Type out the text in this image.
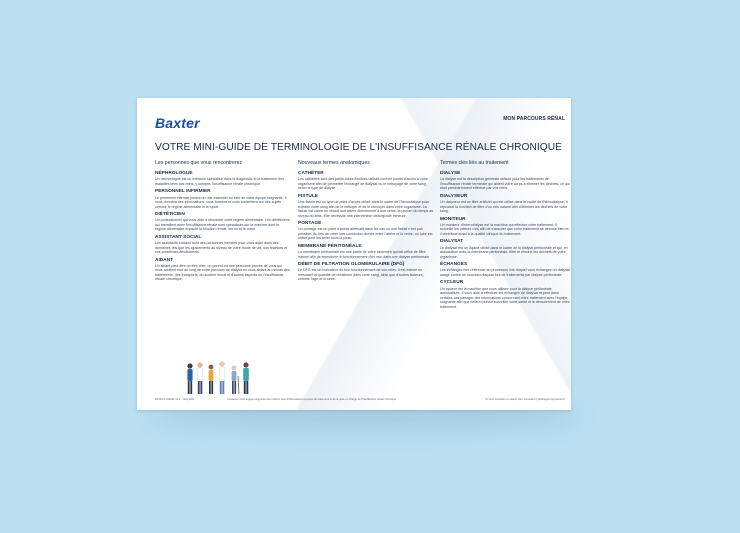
Baxter	MON PARCOURS RÉNAL
VOTRE MINI-GUIDE DE TERMINOLOGIE DE L'INSUFFISANCE RÉNALE CHRONIQUE
Les personnes que vous rencontrerez
NÉPHROLOGUE
Un néphrologue est un médecin spécialisé dans le diagnostic et le traitement des maladies liées aux reins, y compris l'insuffisance rénale chronique.
PERSONNEL INFIRMIER
Le personnel infirmier jouera un rôle essentiel au sein de votre équipe soignante. Il vous donnera des informations, vous formera et vous conseillera sur des sujets comme le régime alimentaire et le sport.
DIÉTÉTICIEN
Un professionnel qui vous aide à structurer votre régime alimentaire. Les diététiciens qui travaillent avec l'insuffisance rénale sont spécialisés sur la manière dont le régime alimentaire impacte la fonction rénale, les os et le cœur.
ASSISTANT SOCIAL
Les assistants sociaux sont des personnes formées pour vous aider dans des domaines tels que les ajustements au niveau de votre mode de vie, vos finances et vos problèmes émotionnels.
AIDANT
Un aidant peut être un être cher, un parent ou une personne proche de vous qui vous soutient tout au long de votre parcours de dialyse en vous aidant au niveau des traitements, des transports, du soutien moral et d'autres aspects de l'insuffisance rénale chronique.
Nouveaux termes anatomiques
CATHÉTER
Les cathéters sont des petits tubes flexibles utilisés comme points d'accès à votre organisme afin de permettre l'échange de dialysat ou le nettoyage de votre sang, selon le type de dialyse.
FISTULE
Une fistule est un type de point d'accès utilisé dans le cadre de l'hémodialyse pour extraire votre sang afin de le nettoyer et de le renvoyer dans votre organisme. La fistule est créée en reliant une artère directement à une veine, la plupart du temps au niveau du bras. Elle nécessite une intervention chirurgicale mineure.
PONTAGE
Un pontage est un point d'accès alternatif dans les cas où une fistule n'est pas possible. Au lieu de créer une connexion directe entre l'artère et la veine, un tube est utilisé pour les relier sous la peau.
MEMBRANE PÉRITONÉALE
La membrane péritonéale est une partie de votre abdomen qui fait office de filtre naturel afin de reproduire le fonctionnement d'un rein dans une dialyse péritonéale.
DÉBIT DE FILTRATION GLOMÉRULAIRE (DFG)
Le DFG est un indicateur du bon fonctionnement de vos reins. Il est estimé en mesurant la quantité de créatinine dans votre sang, ainsi que d'autres facteurs, comme l'âge et le sexe.
Termes clés liés au traitement
DIALYSE
La dialyse est la description générale utilisée pour les traitements de l'insuffisance rénale terminale qui aident votre corps à éliminer les déchets, ce qui était précédemment effectué par vos reins.
DIALYSEUR
Un dialyseur est un filtre artificiel qui est utilisé dans le cadre de l'hémodialyse. Il reproduit la fonction de filtre d'un rein naturel afin d'éliminer les déchets de votre sang.
MONITEUR
Un moniteur d'hémodialyse est la machine qui effectue votre traitement. Il surveille les valeurs clés afin de s'assurer que votre traitement se déroule bien et il contribue aussi à la qualité clinique du traitement.
DIALYSAT
Le dialysat est un liquide utilisé dans le cadre de la dialyse péritonéale et qui, en association avec la membrane péritonéale, filtre et élimine les déchets de votre organisme.
ÉCHANGES
Les échanges font référence au processus lors duquel vous échangez un dialysat usagé contre un nouveau dialysat lors de traitements par dialyse péritonéale.
CYCLEUR
Un cycleur est la machine que vous utilisez pour la dialyse péritonéale automatisée. Il vous aide à effectuer les échanges de dialysat et peut dans certains cas partager des informations concernant votre traitement avec l'équipe soignante afin que celle-ci puisse surveiller votre santé et le déroulement de votre traitement.
FR-RCO-230021 v3.1 – May 2021	Contactez votre équipe soignante pour obtenir plus d'informations à propos du traitement et de la prise en charge de l'insuffisance rénale chronique.	Si vous souhaitez en savoir plus, consultez mykidneyjourney.baxter.fr
